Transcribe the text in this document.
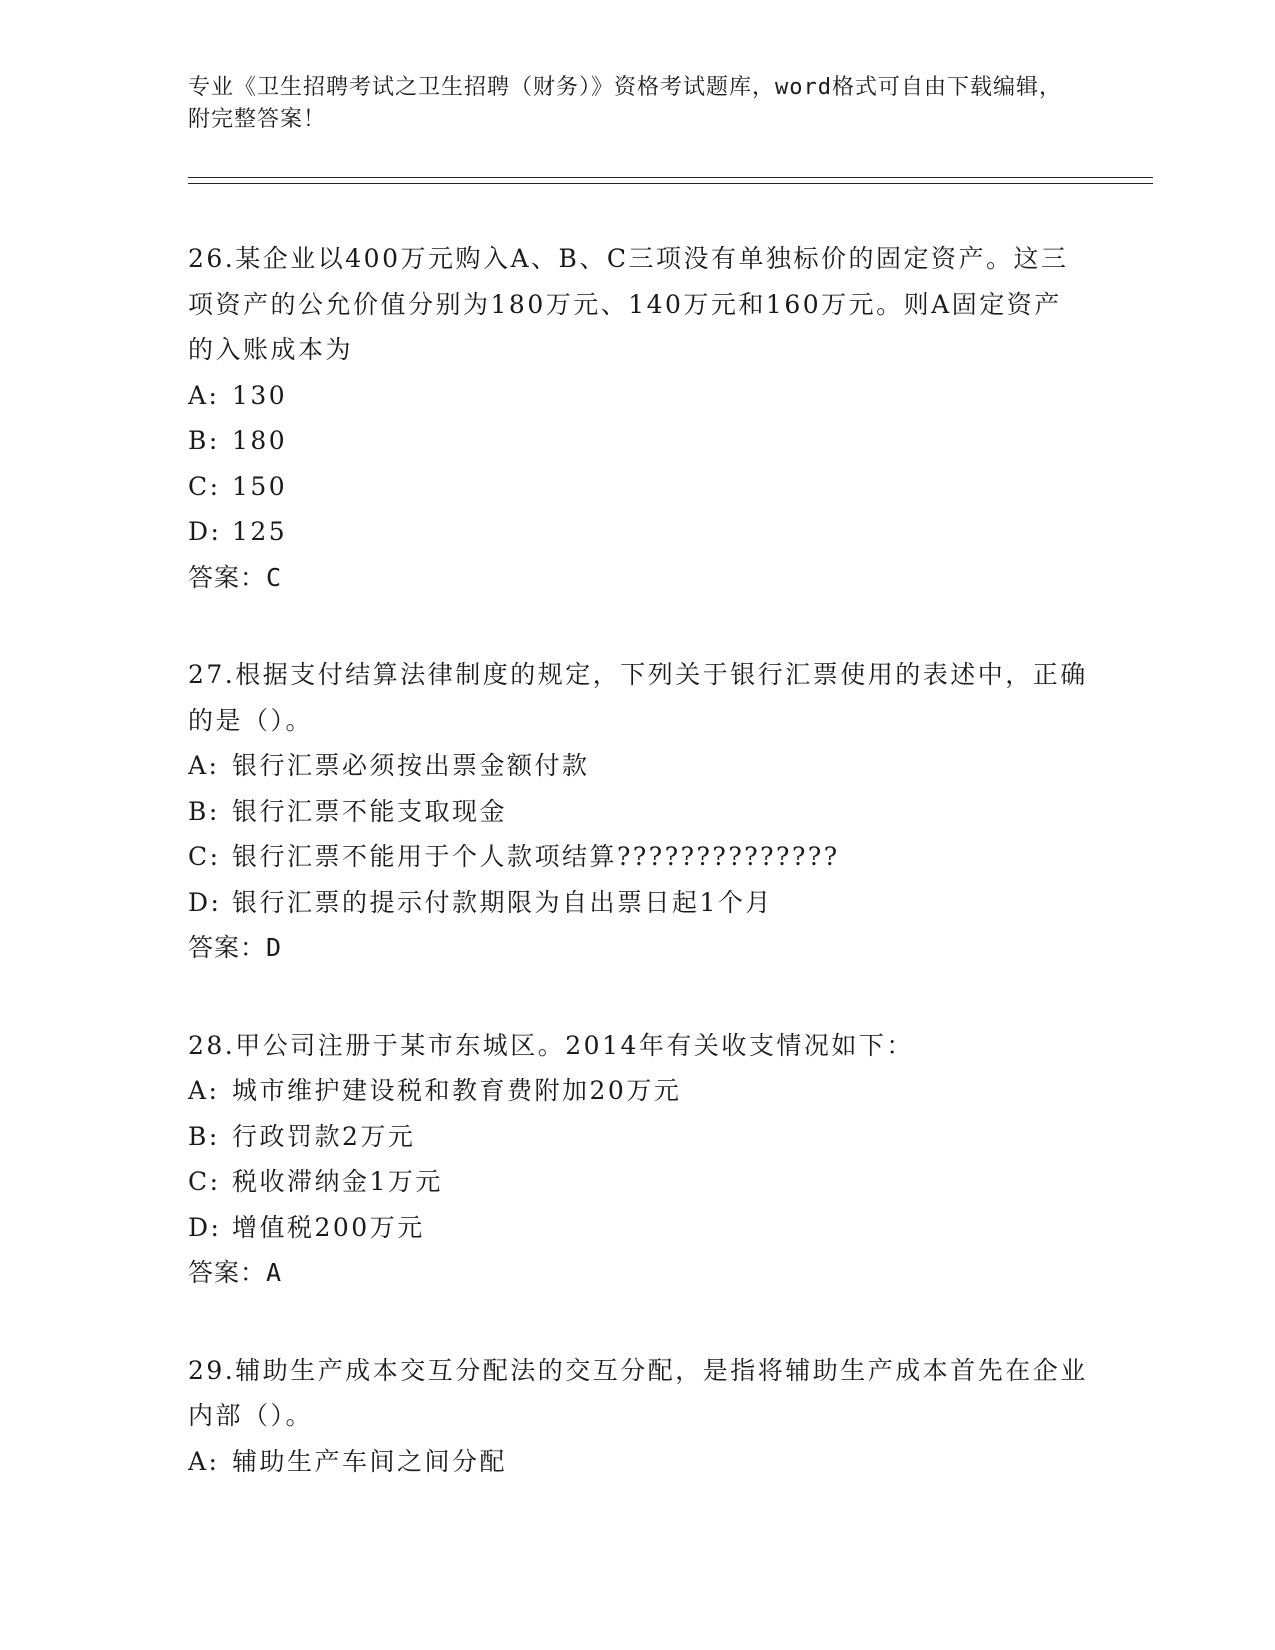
专业《卫生招聘考试之卫生招聘（财务）》资格考试题库，word格式可自由下载编辑，附完整答案！
26.某企业以400万元购入A、B、C三项没有单独标价的固定资产。这三项资产的公允价值分别为180万元、140万元和160万元。则A固定资产的入账成本为
A: 130
B: 180
C: 150
D: 125
答案：C
27.根据支付结算法律制度的规定，下列关于银行汇票使用的表述中，正确的是（）。
A: 银行汇票必须按出票金额付款
B: 银行汇票不能支取现金
C: 银行汇票不能用于个人款项结算??????????????
D: 银行汇票的提示付款期限为自出票日起1个月
答案：D
28.甲公司注册于某市东城区。2014年有关收支情况如下：
A: 城市维护建设税和教育费附加20万元
B: 行政罚款2万元
C: 税收滞纳金1万元
D: 增值税200万元
答案：A
29.辅助生产成本交互分配法的交互分配，是指将辅助生产成本首先在企业内部（）。
A: 辅助生产车间之间分配
